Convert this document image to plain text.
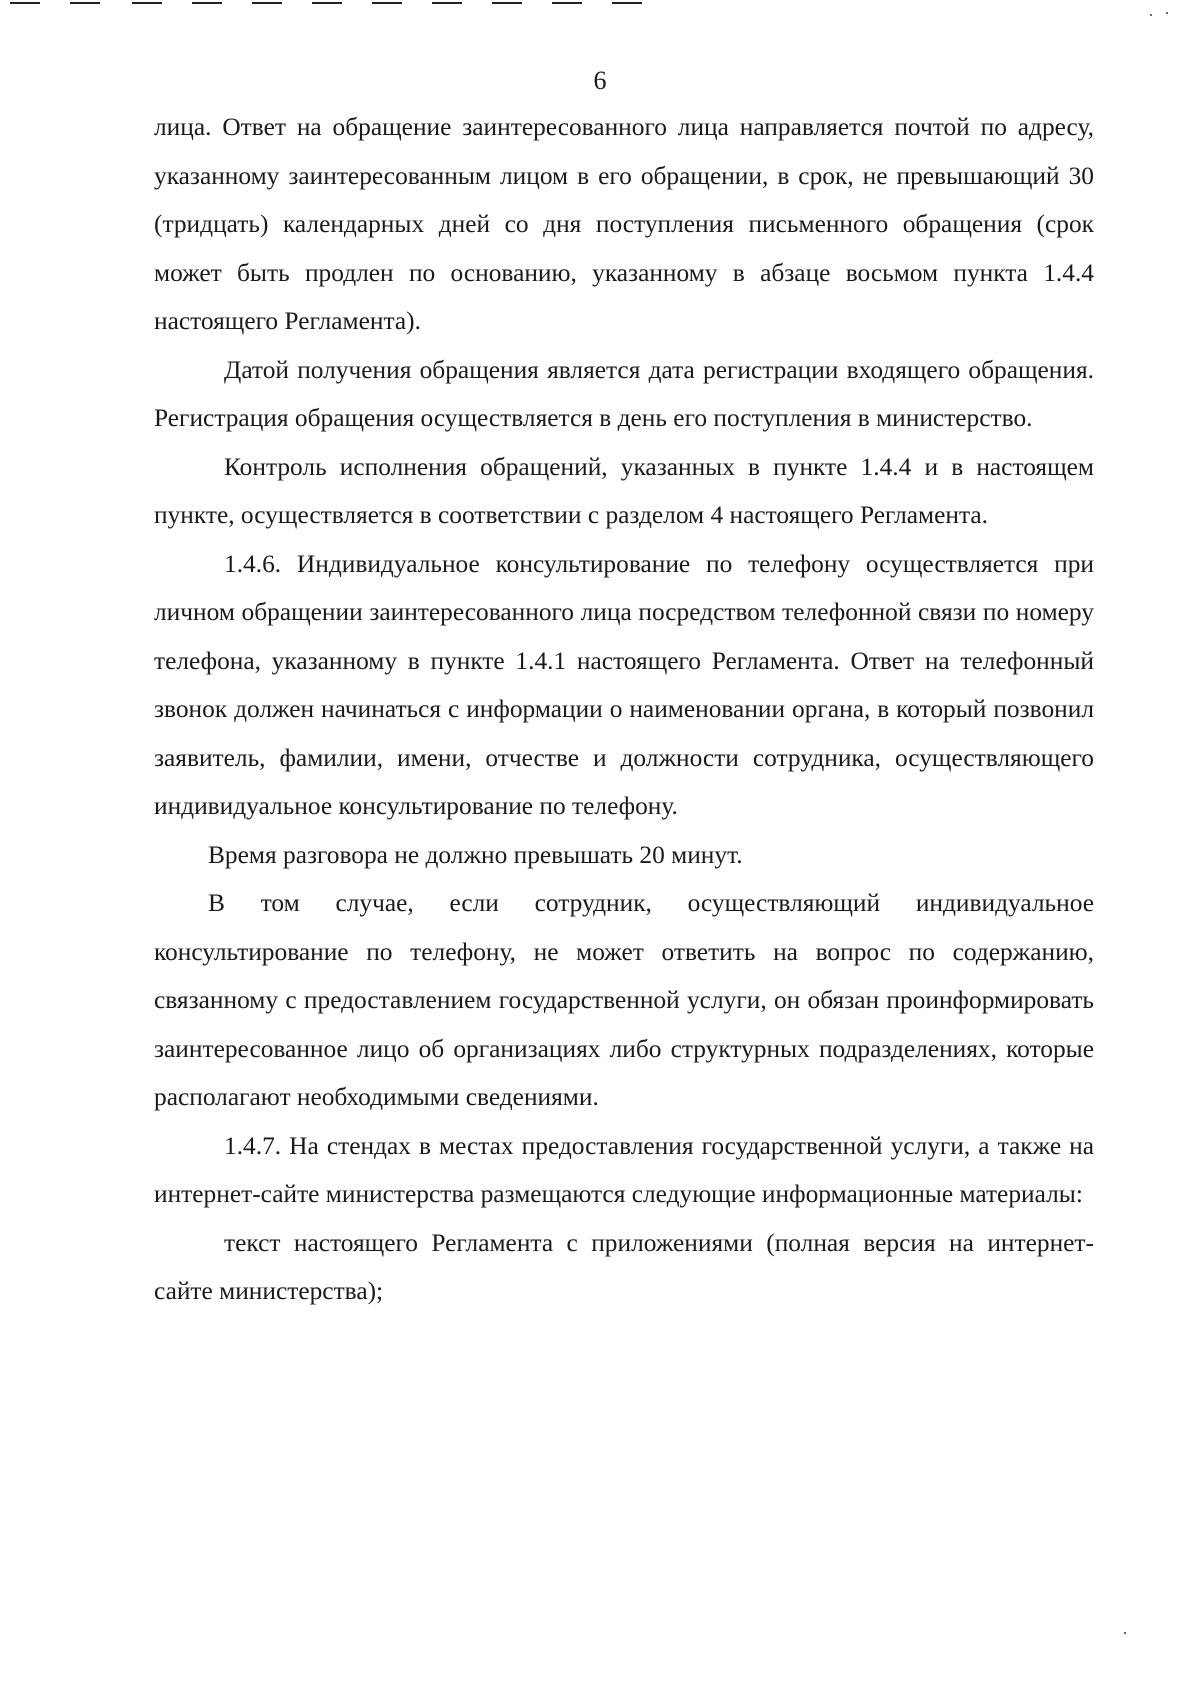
6

лица. Ответ на обращение заинтересованного лица направляется почтой по адресу, указанному заинтересованным лицом в его обращении, в срок, не превышающий 30 (тридцать) календарных дней со дня поступления письменного обращения (срок может быть продлен по основанию, указанному в абзаце восьмом пункта 1.4.4 настоящего Регламента).

Датой получения обращения является дата регистрации входящего обращения. Регистрация обращения осуществляется в день его поступления в министерство.

Контроль исполнения обращений, указанных в пункте 1.4.4 и в настоящем пункте, осуществляется в соответствии с разделом 4 настоящего Регламента.

1.4.6. Индивидуальное консультирование по телефону осуществляется при личном обращении заинтересованного лица посредством телефонной связи по номеру телефона, указанному в пункте 1.4.1 настоящего Регламента. Ответ на телефонный звонок должен начинаться с информации о наименовании органа, в который позвонил заявитель, фамилии, имени, отчестве и должности сотрудника, осуществляющего индивидуальное консультирование по телефону.

Время разговора не должно превышать 20 минут.

В том случае, если сотрудник, осуществляющий индивидуальное консультирование по телефону, не может ответить на вопрос по содержанию, связанному с предоставлением государственной услуги, он обязан проинформировать заинтересованное лицо об организациях либо структурных подразделениях, которые располагают необходимыми сведениями.

1.4.7. На стендах в местах предоставления государственной услуги, а также на интернет-сайте министерства размещаются следующие информационные материалы:

текст настоящего Регламента с приложениями (полная версия на интернет-сайте министерства);
